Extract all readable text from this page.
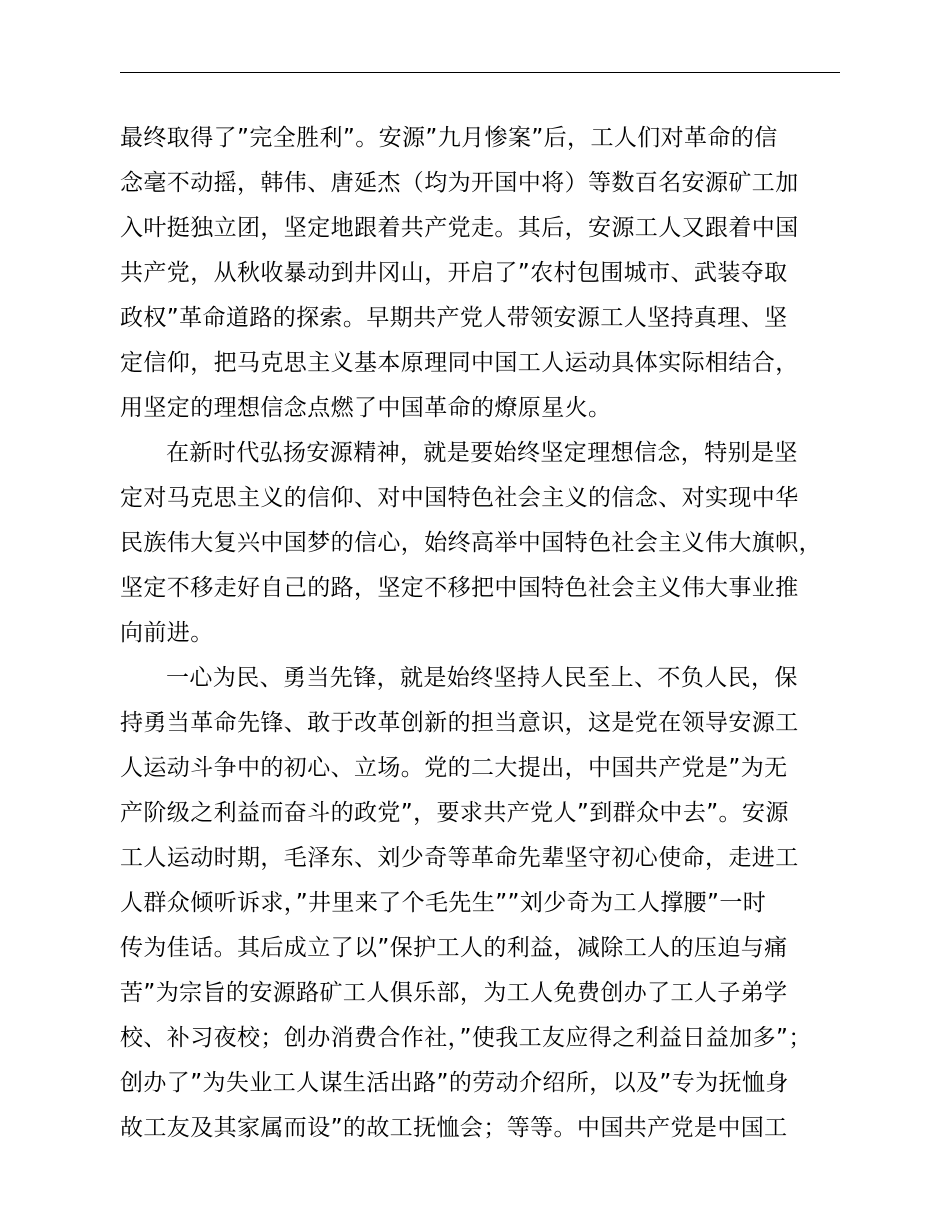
最终取得了”完全胜利”。安源”九月惨案”后，工人们对革命的信
念毫不动摇，韩伟、唐延杰（均为开国中将）等数百名安源矿工加
入叶挺独立团，坚定地跟着共产党走。其后，安源工人又跟着中国
共产党，从秋收暴动到井冈山，开启了”农村包围城市、武装夺取
政权”革命道路的探索。早期共产党人带领安源工人坚持真理、坚
定信仰，把马克思主义基本原理同中国工人运动具体实际相结合，
用坚定的理想信念点燃了中国革命的燎原星火。
在新时代弘扬安源精神，就是要始终坚定理想信念，特别是坚
定对马克思主义的信仰、对中国特色社会主义的信念、对实现中华
民族伟大复兴中国梦的信心，始终高举中国特色社会主义伟大旗帜，
坚定不移走好自己的路，坚定不移把中国特色社会主义伟大事业推
向前进。
一心为民、勇当先锋，就是始终坚持人民至上、不负人民，保
持勇当革命先锋、敢于改革创新的担当意识，这是党在领导安源工
人运动斗争中的初心、立场。党的二大提出，中国共产党是”为无
产阶级之利益而奋斗的政党”，要求共产党人”到群众中去”。安源
工人运动时期，毛泽东、刘少奇等革命先辈坚守初心使命，走进工
人群众倾听诉求，”井里来了个毛先生””刘少奇为工人撑腰”一时
传为佳话。其后成立了以”保护工人的利益，减除工人的压迫与痛
苦”为宗旨的安源路矿工人俱乐部，为工人免费创办了工人子弟学
校、补习夜校；创办消费合作社，”使我工友应得之利益日益加多”；
创办了”为失业工人谋生活出路”的劳动介绍所，以及”专为抚恤身
故工友及其家属而设”的故工抚恤会；等等。中国共产党是中国工
